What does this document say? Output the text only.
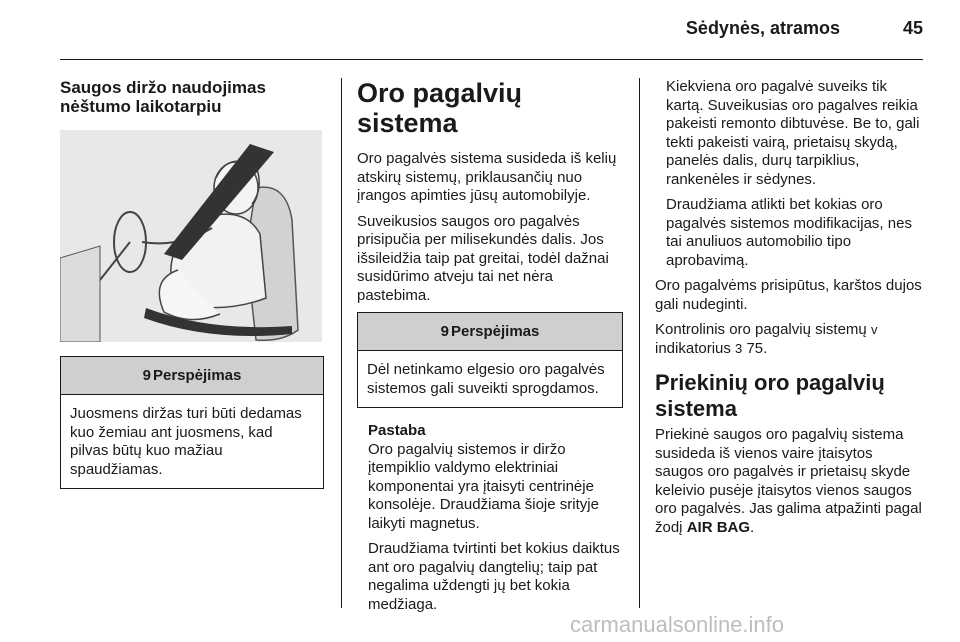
Sėdynės, atramos	45
Saugos diržo naudojimas nėštumo laikotarpiu
9 Perspėjimas
Juosmens diržas turi būti dedamas kuo žemiau ant juosmens, kad pilvas būtų kuo mažiau spaudžiamas.
Oro pagalvių sistema

Oro pagalvės sistema susideda iš kelių atskirų sistemų, priklausančių nuo įrangos apimties jūsų automobilyje.

Suveikusios saugos oro pagalvės prisipučia per milisekundės dalis. Jos išsileidžia taip pat greitai, todėl dažnai susidūrimo atveju tai net nėra pastebima.

9 Perspėjimas
Dėl netinkamo elgesio oro pagalvės sistemos gali suveikti sprogdamos.

Pastaba

Oro pagalvių sistemos ir diržo įtempiklio valdymo elektriniai komponentai yra įtaisyti centrinėje konsolėje. Draudžiama šioje srityje laikyti magnetus.

Draudžiama tvirtinti bet kokius daiktus ant oro pagalvių dangtelių; taip pat negalima uždengti jų bet kokia medžiaga.

Kiekviena oro pagalvė suveiks tik kartą. Suveikusias oro pagalves reikia pakeisti remonto dibtuvėse. Be to, gali tekti pakeisti vairą, prietaisų skydą, panelės dalis, durų tarpiklius, rankenėles ir sėdynes.

Draudžiama atlikti bet kokias oro pagalvės sistemos modifikacijas, nes tai anuliuos automobilio tipo aprobavimą.

Oro pagalvėms prisipūtus, karštos dujos gali nudeginti.

Kontrolinis oro pagalvių sistemų v
indikatorius 3 75.

Priekinių oro pagalvių sistema

Priekinė saugos oro pagalvių sistema susideda iš vienos vaire įtaisytos saugos oro pagalvės ir prietaisų skyde keleivio pusėje įtaisytos vienos saugos oro pagalvės. Jas galima atpažinti pagal žodį AIR BAG.

carmanualsonline.info
